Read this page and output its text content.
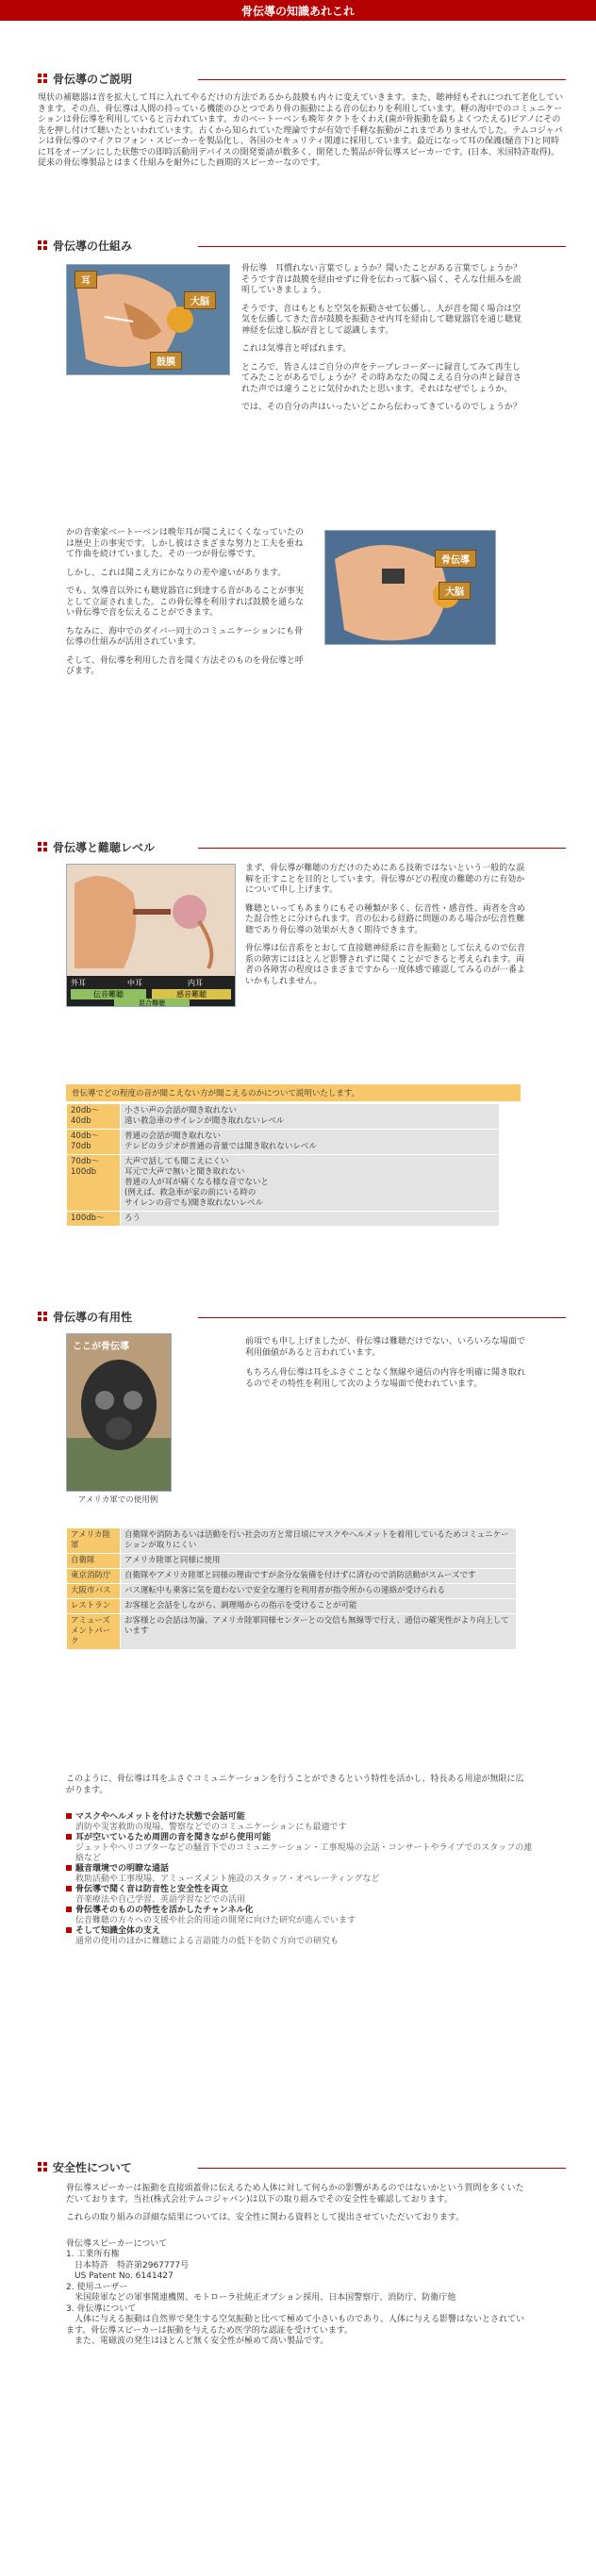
骨伝導の知識あれこれ
骨伝導のご説明

現状の補聴器は音を拡大して耳に入れてやるだけの方法であるから鼓膜も内々に変えていきます。また、聴神経もそれにつれて老化していきます。その点、骨伝導は人間の持っている機能のひとつであり骨の振動による音の伝わりを利用しています。軽の海中でのコミュニケーションは骨伝導を利用していると言われています。カのベートーベンも晩年タクトをくわえ(歯が骨振動を最もよくつたえる)ピアノにその先を押し付けて聴いたといわれています。古くから知られていた理論ですが有効で手軽な振動がこれまでありませんでした。テムコジャパンは骨伝導のマイクロフォン・スピーカーを製品化し、各国のセキュリティ関連に採用しています。最近になって耳の保護(騒音下)と同時に耳をオープンにした状態での即時活動用デバイスの開発要請が数多く、開発した製品が骨伝導スピーカーです。(日本、米国特許取得)。従来の骨伝導製品とはまく仕組みを耐外にした画期的スピーカーなのです。

骨伝導の仕組み
大脳
鼓膜
耳

骨伝導　耳慣れない言葉でしょうか？聞いたことがある言葉でしょうか？そうです音は鼓膜を経由せずに骨を伝わって脳へ届く、そんな仕組みを説明していきましょう。

そうです、音はもともと空気を振動させて伝播し、人が音を聞く場合は空気を伝播してきた音が鼓膜を振動させ内耳を経由して聴覚器官を通じ聴覚神経を伝達し脳が音として認識します。

これは気導音と呼ばれます。

ところで、皆さんはご自分の声をテープレコーダーに録音してみて再生してみたことがあるでしょうか？その時あなたの聞こえる自分の声と録音された声では違うことに気付かれたと思います。それはなぜでしょうか。

では、その自分の声はいったいどこから伝わってきているのでしょうか？

かの音楽家ベートーベンは晩年耳が聞こえにくくなっていたのは歴史上の事実です。しかし彼はさまざまな努力と工夫を重ねて作曲を続けていました。その一つが骨伝導です。

しかし、これは聞こえ方にかなりの差や違いがあります。

でも、気導音以外にも聴覚器官に到達する音があることが事実として立証されました。この骨伝導を利用すれば鼓膜を通らない骨伝導で音を伝えることができます。

ちなみに、海中でのダイバー同士のコミュニケーションにも骨伝導の仕組みが活用されています。

そして、骨伝導を利用した音を聞く方法そのものを骨伝導と呼びます。

骨伝導
大脳
骨伝導と難聴レベル
外耳	中耳	内耳
伝音難聴	感音難聴
混合難聴

まず、骨伝導が難聴の方だけのためにある技術ではないという一般的な誤解を正すことを目的としています。骨伝導がどの程度の難聴の方に有効かについて申し上げます。

難聴といってもあまりにもその種類が多く、伝音性・感音性、両者を含めた混合性とに分けられます。音の伝わる経路に問題のある場合が伝音性難聴であり骨伝導の効果が大きく期待できます。

骨伝導は伝音系をとおして直接聴神経系に音を振動として伝えるので伝音系の障害にはほとんど影響されずに聞くことができると考えられます。両者の各障害の程度はさまざまですから一度体感で確認してみるのが一番よいかもしれません。

骨伝導でどの程度の音が聞こえない方が聞こえるのかについて説明いたします。
20db〜40db	小さい声の会話が聞き取れない
遠い救急車のサイレンが聞き取れないレベル
40db〜70db	普通の会話が聞き取れない
テレビのラジオが普通の音量では聞き取れないレベル
70db〜100db	大声で話しても聞こえにくい
耳元で大声で無いと聞き取れない
普通の人が耳が痛くなる様な音でないと
(例えば、救急車が家の前にいる時の
サイレンの音でも)聞き取れないレベル
100db〜	ろう
骨伝導の有用性
ここが骨伝導
アメリカ軍での使用例

前項でも申し上げましたが、骨伝導は難聴だけでない、いろいろな場面で利用価値があると言われています。

もちろん骨伝導は耳をふさぐことなく無線や通信の内容を明確に聞き取れるのでその特性を利用して次のような場面で使われています。

アメリカ陸軍	自衛隊や消防あるいは活動を行い社会の方と常日頃にマスクやヘルメットを着用しているためコミュニケーションが取りにくい
自衛隊	アメリカ陸軍と同様に使用
東京消防庁	自衛隊やアメリカ陸軍と同様の理由ですが余分な装備を付けずに済むので消防活動がスムーズです
大阪市バス	バス運転中も乗客に気を遣わないで安全な運行を利用者が指令所からの連絡が受けられる
レストラン	お客様と会話をしながら、調理場からの指示を受けることが可能
アミューズメントパーク	お客様との会話は勿論、アメリカ陸軍同様センターとの交信も無線等で行え、通信の確実性がより向上しています

このように、骨伝導は耳をふさぐコミュニケーションを行うことができるという特性を活かし、特長ある用途が無限に広がります。

マスクやヘルメットを付けた状態で会話可能

消防や災害救助の現場、警察などでのコミュニケーションにも最適です

耳が空いているため周囲の音を聞きながら使用可能

ジェットやヘリコプターなどの騒音下でのコミュニケーション・工事現場の会話・コンサートやライブでのスタッフの連絡など

騒音環境での明瞭な通話

救助活動や工事現場、アミューズメント施設のスタッフ・オペレーティングなど

骨伝導で聞く音は防音性と安全性を両立

音楽療法や自己学習、英語学習などでの活用

骨伝導そのものの特性を活かしたチャンネル化

伝音難聴の方々への支援や社会的用途の開発に向けた研究が進んでいます

そして知識全体の支え

通常の使用のほかに難聴による言語能力の低下を防ぐ方向での研究も

安全性について

骨伝導スピーカーは振動を直接頭蓋骨に伝えるため人体に対して何らかの影響があるのではないかという質問を多くいただいております。当社(株式会社テムコジャパン)は以下の取り組みでその安全性を確認しております。

これらの取り組みの詳細な結果については、安全性に関わる資料として提出させていただいております。

骨伝導スピーカーについて

1. 工業所有権

　日本特許　特許第2967777号

　US Patent No. 6141427

2. 使用ユーザー

　米国陸軍などの軍事関連機関、モトローラ社純正オプション採用、日本国警察庁、消防庁、防衛庁他

3. 骨伝導について

　人体に与える振動は自然界で発生する空気振動と比べて極めて小さいものであり、人体に与える影響はないとされています。骨伝導スピーカーは振動を与えるため医学的な認証を受けています。

　また、電磁波の発生はほとんど無く安全性が極めて高い製品です。
